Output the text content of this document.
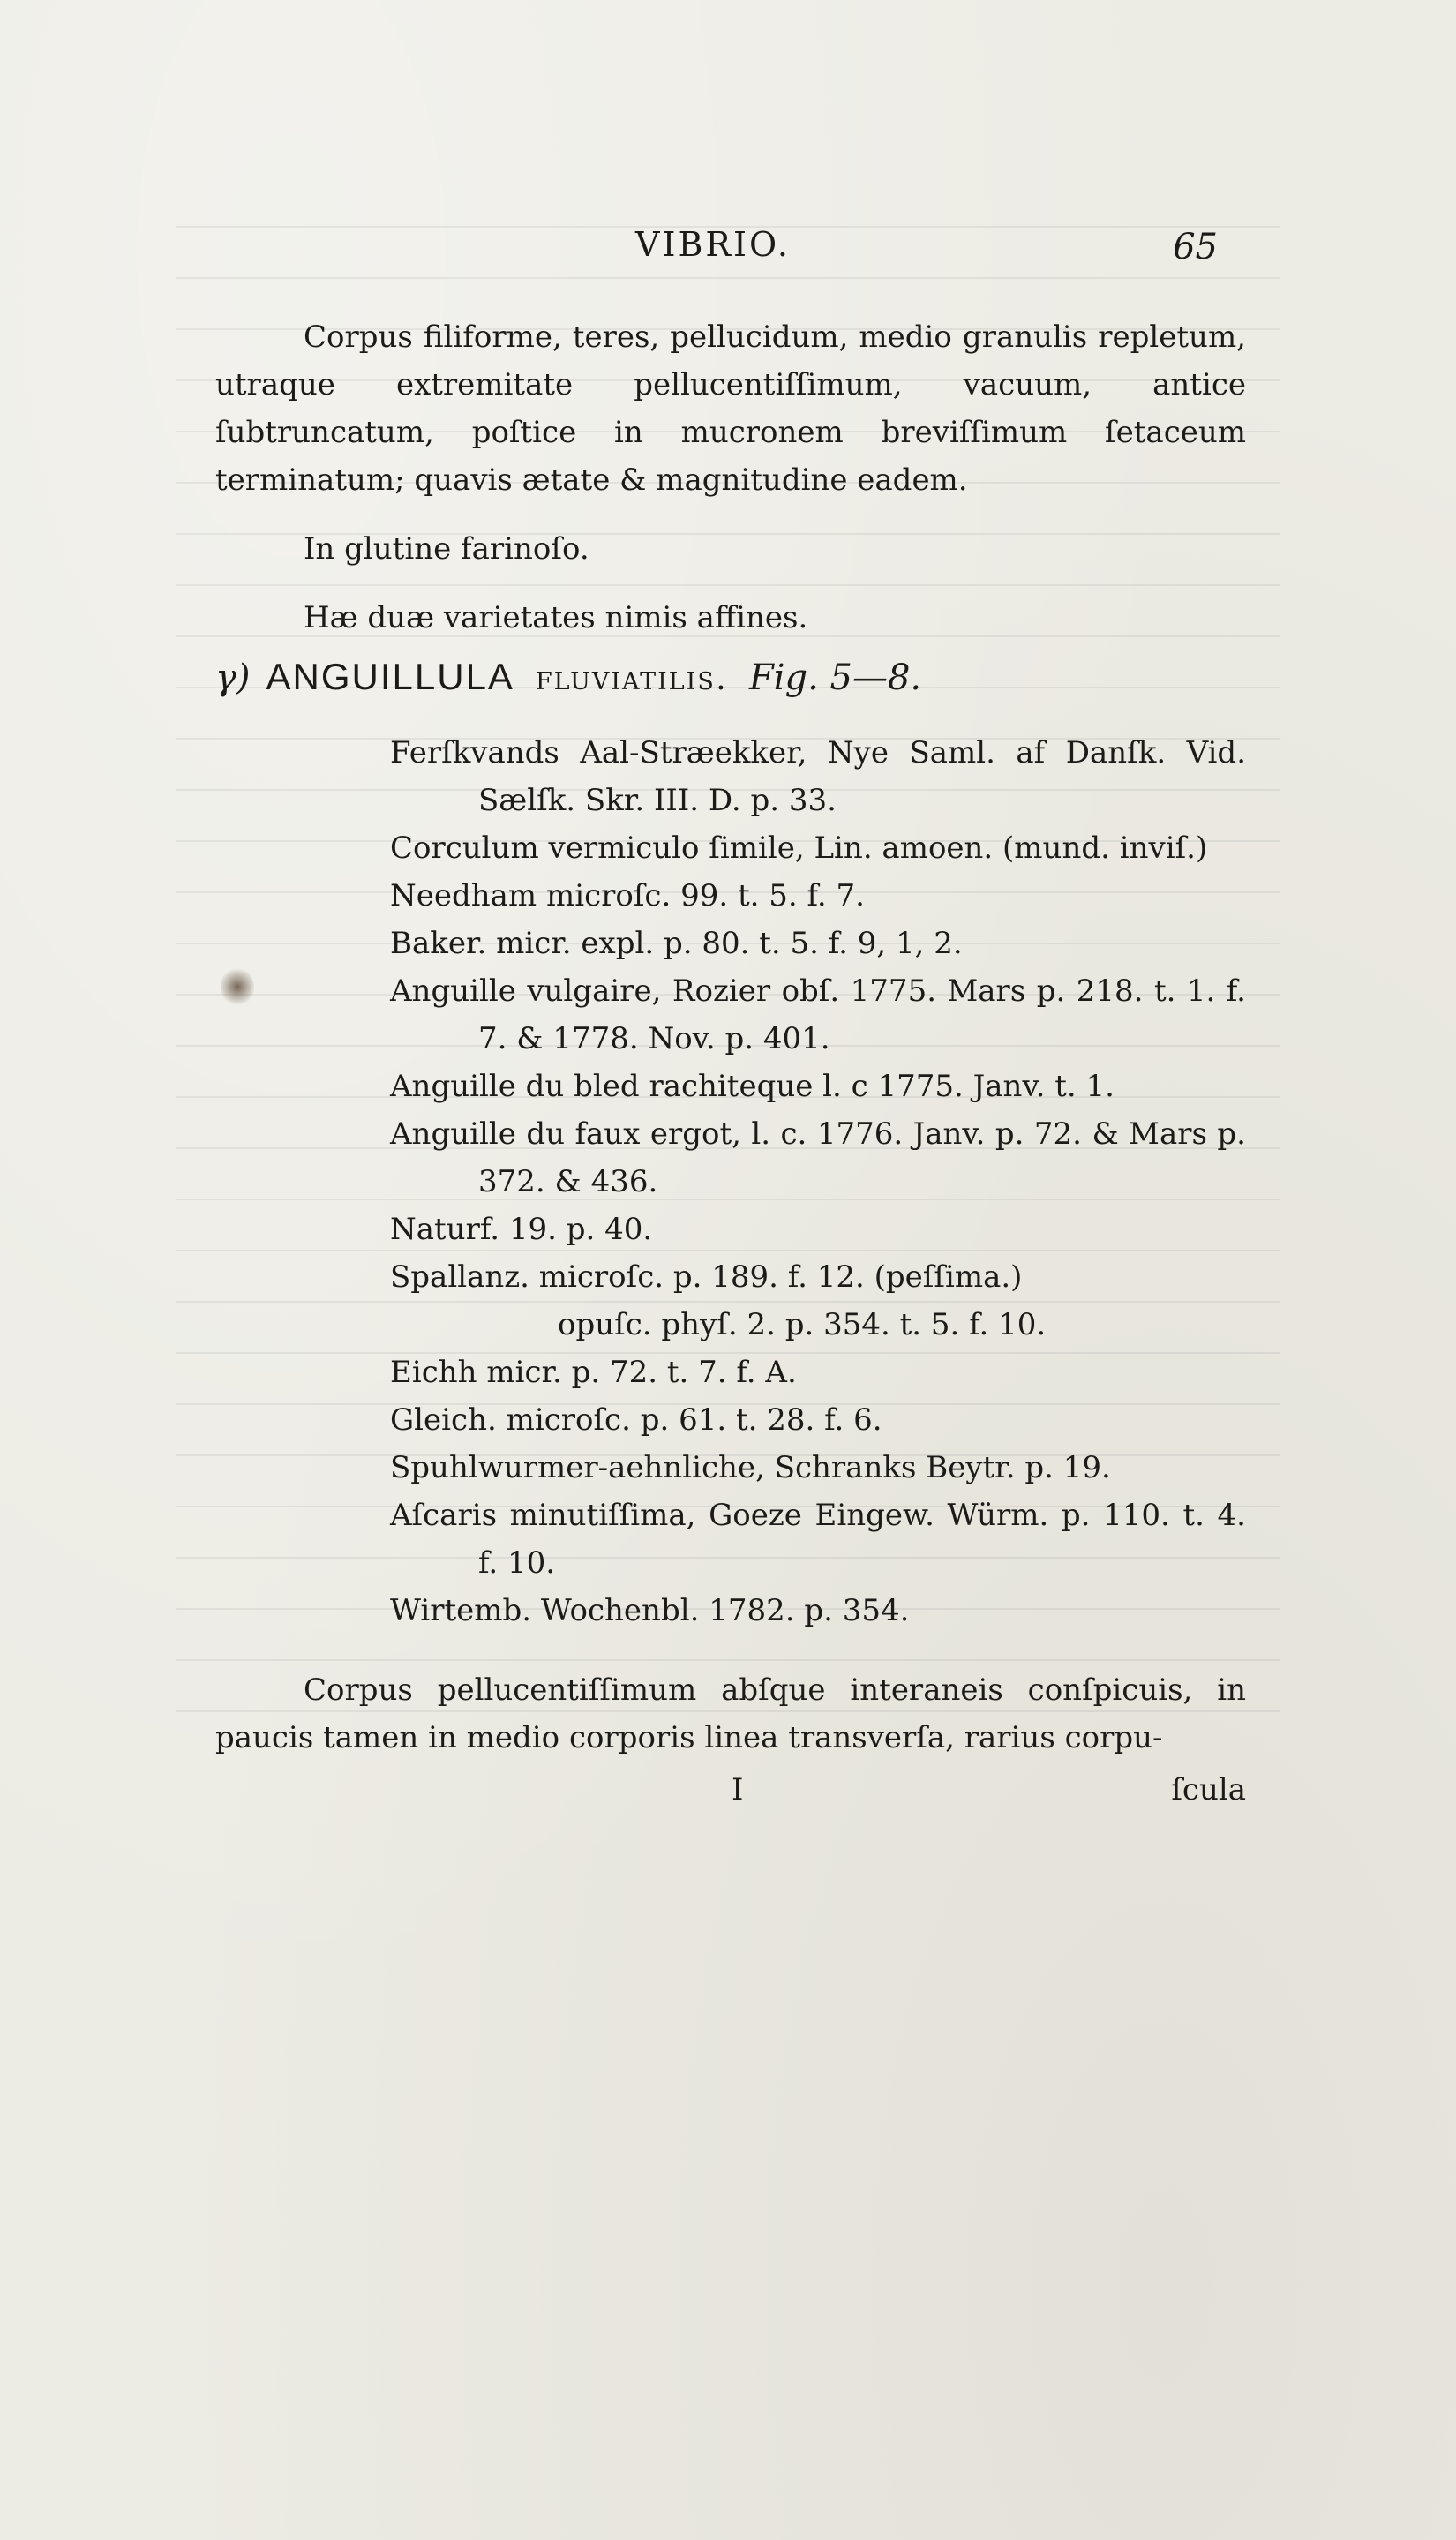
VIBRIO.	65

Corpus filiforme, teres, pellucidum, medio granulis repletum, utraque extremitate pellucentiſſimum, vacuum, antice ſubtruncatum, poſtice in mucronem breviſſimum ſetaceum terminatum; quavis ætate & magnitudine eadem.

In glutine farinoſo.

Hæ duæ varietates nimis affines.

γ) ANGUILLULA fluviatilis. Fig. 5—8.

Ferſkvands Aal-Stræekker, Nye Saml. af Danſk. Vid. Sælſk. Skr. III. D. p. 33.

Corculum vermiculo ſimile, Lin. amoen. (mund. inviſ.)

Needham microſc. 99. t. 5. f. 7.

Baker. micr. expl. p. 80. t. 5. f. 9, 1, 2.

Anguille vulgaire, Rozier obſ. 1775. Mars p. 218. t. 1. f. 7. & 1778. Nov. p. 401.

Anguille du bled rachiteque l. c 1775. Janv. t. 1.

Anguille du faux ergot, l. c. 1776. Janv. p. 72. & Mars p. 372. & 436.

Naturf. 19. p. 40.

Spallanz. microſc. p. 189. f. 12. (peſſima.)

opuſc. phyſ. 2. p. 354. t. 5. f. 10.

Eichh micr. p. 72. t. 7. f. A.

Gleich. microſc. p. 61. t. 28. f. 6.

Spuhlwurmer-aehnliche, Schranks Beytr. p. 19.

Aſcaris minutiſſima, Goeze Eingew. Würm. p. 110. t. 4. f. 10.

Wirtemb. Wochenbl. 1782. p. 354.

Corpus pellucentiſſimum abſque interaneis conſpicuis, in paucis tamen in medio corporis linea transverſa, rarius corpu-

I	ſcula
